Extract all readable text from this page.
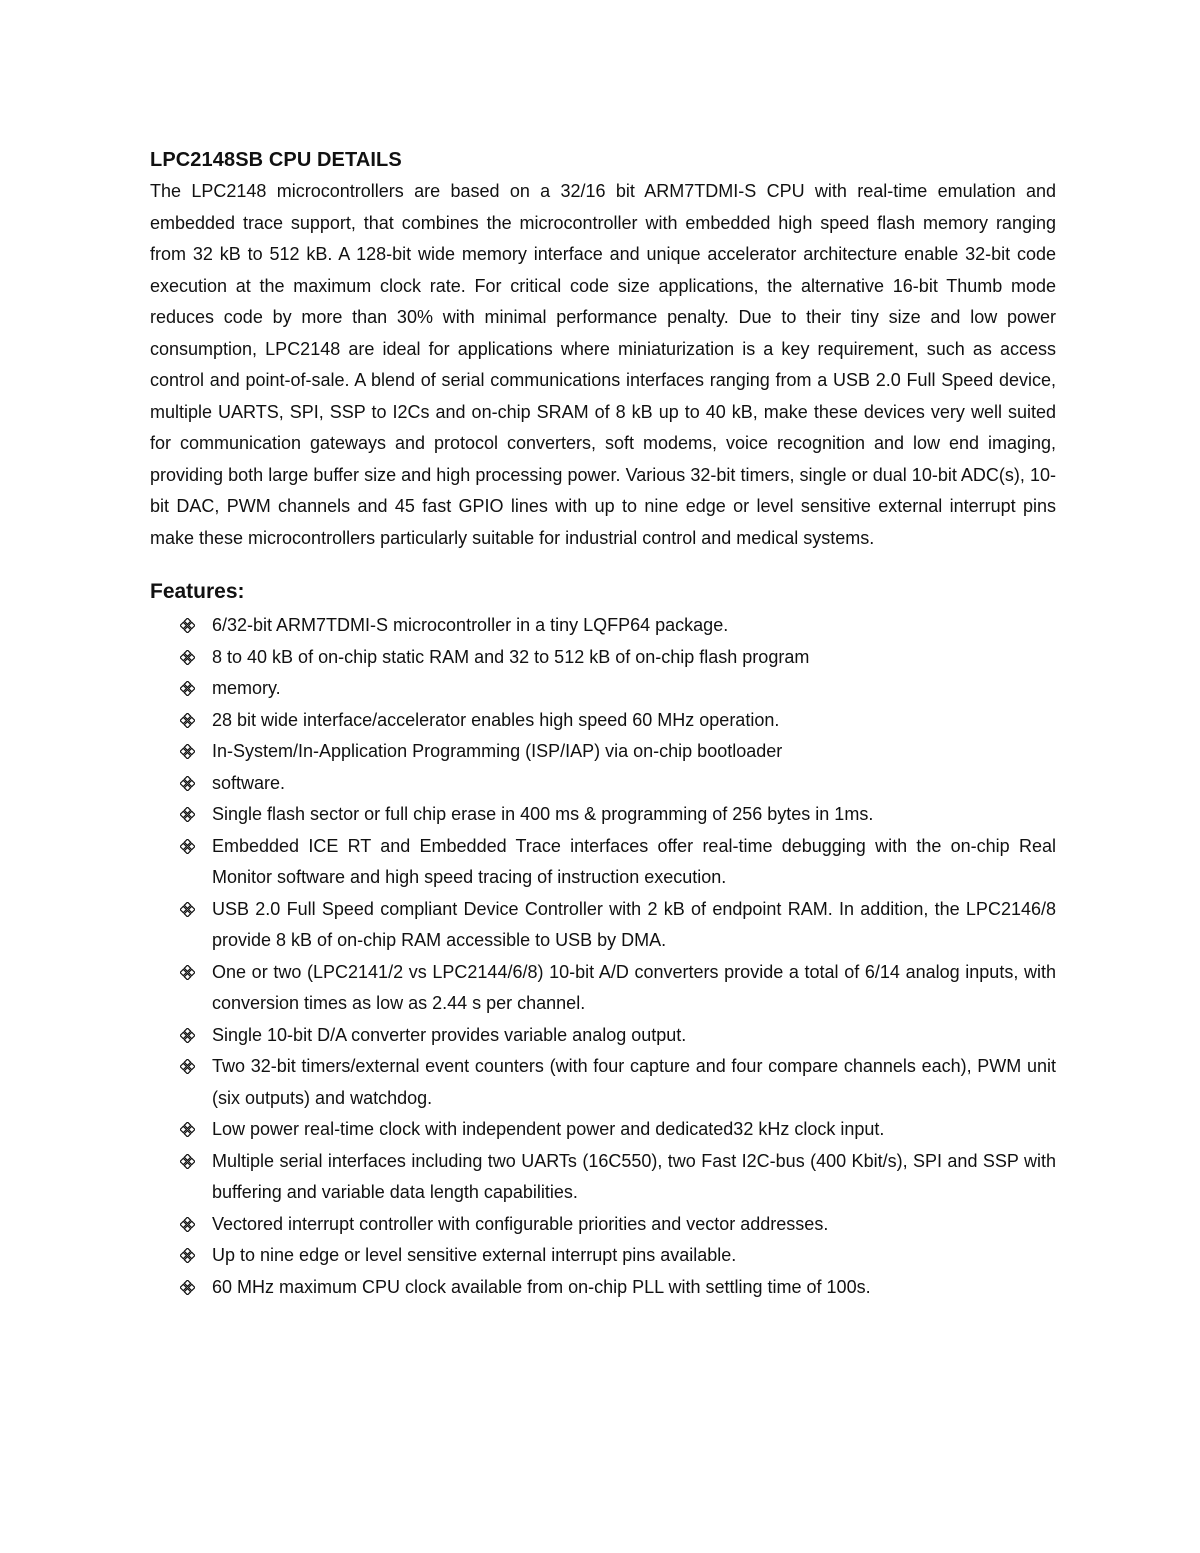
LPC2148SB CPU DETAILS

The LPC2148 microcontrollers are based on a 32/16 bit ARM7TDMI-S CPU with real-time emulation and embedded trace support, that combines the microcontroller with embedded high speed flash memory ranging from 32 kB to 512 kB. A 128-bit wide memory interface and unique accelerator architecture enable 32-bit code execution at the maximum clock rate. For critical code size applications, the alternative 16-bit Thumb mode reduces code by more than 30% with minimal performance penalty. Due to their tiny size and low power consumption, LPC2148 are ideal for applications where miniaturization is a key requirement, such as access control and point-of-sale. A blend of serial communications interfaces ranging from a USB 2.0 Full Speed device, multiple UARTS, SPI, SSP to I2Cs and on-chip SRAM of 8 kB up to 40 kB, make these devices very well suited for communication gateways and protocol converters, soft modems, voice recognition and low end imaging, providing both large buffer size and high processing power. Various 32-bit timers, single or dual 10-bit ADC(s), 10-bit DAC, PWM channels and 45 fast GPIO lines with up to nine edge or level sensitive external interrupt pins make these microcontrollers particularly suitable for industrial control and medical systems.

Features:
6/32-bit ARM7TDMI-S microcontroller in a tiny LQFP64 package.
8 to 40 kB of on-chip static RAM and 32 to 512 kB of on-chip flash program
memory.
28 bit wide interface/accelerator enables high speed 60 MHz operation.
In-System/In-Application Programming (ISP/IAP) via on-chip bootloader
software.
Single flash sector or full chip erase in 400 ms & programming of 256 bytes in 1ms.
Embedded ICE RT and Embedded Trace interfaces offer real-time debugging with the on-chip Real Monitor software and high speed tracing of instruction execution.
USB 2.0 Full Speed compliant Device Controller with 2 kB of endpoint RAM. In addition, the LPC2146/8 provide 8 kB of on-chip RAM accessible to USB by DMA.
One or two (LPC2141/2 vs LPC2144/6/8) 10-bit A/D converters provide a total of 6/14 analog inputs, with conversion times as low as 2.44 s per channel.
Single 10-bit D/A converter provides variable analog output.
Two 32-bit timers/external event counters (with four capture and four compare channels each), PWM unit (six outputs) and watchdog.
Low power real-time clock with independent power and dedicated32 kHz clock input.
Multiple serial interfaces including two UARTs (16C550), two Fast I2C-bus (400 Kbit/s), SPI and SSP with buffering and variable data length capabilities.
Vectored interrupt controller with configurable priorities and vector addresses.
Up to nine edge or level sensitive external interrupt pins available.
60 MHz maximum CPU clock available from on-chip PLL with settling time of 100s.
